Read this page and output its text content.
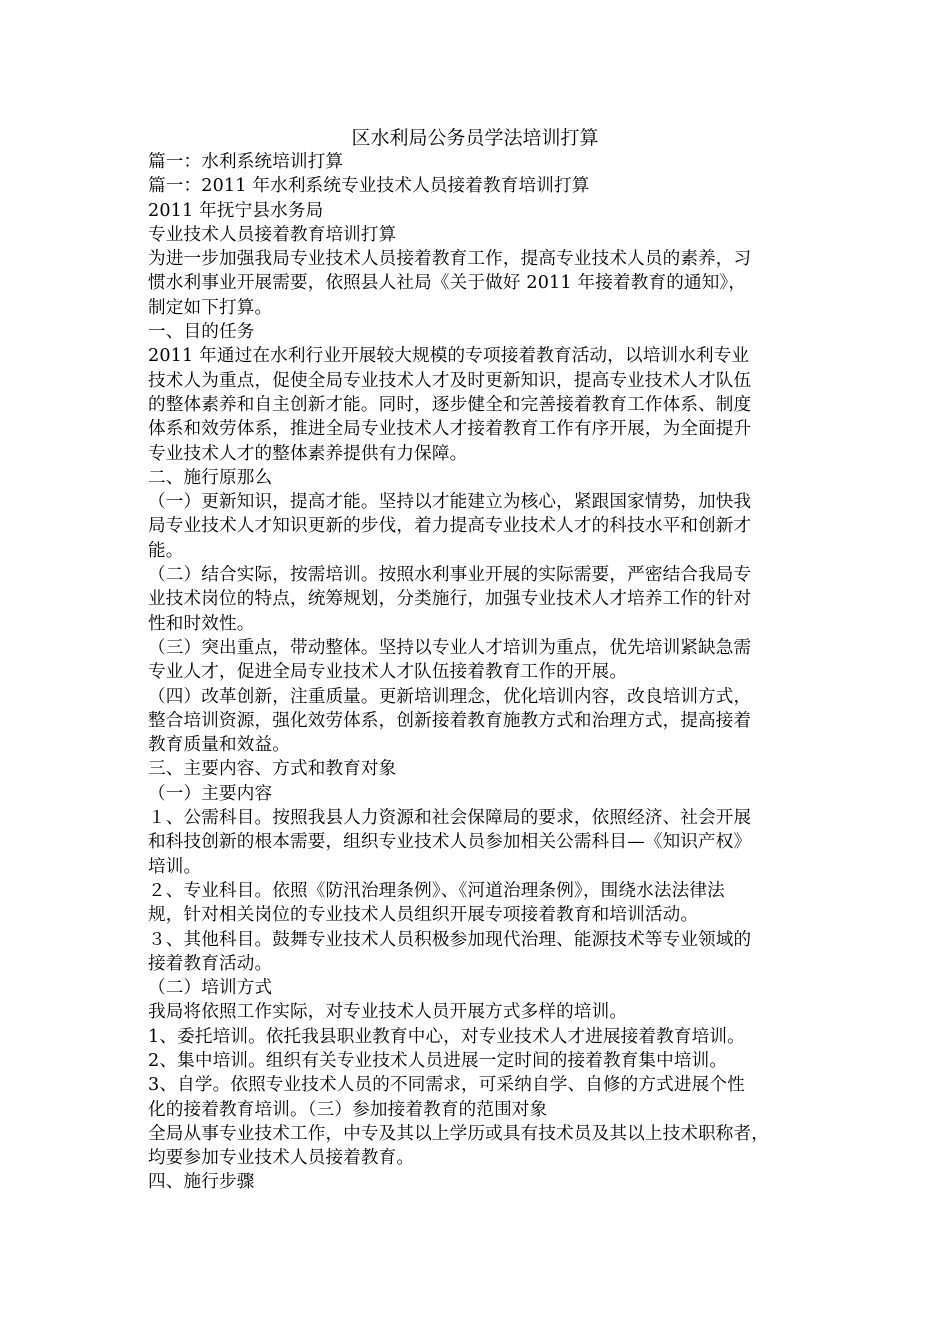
区水利局公务员学法培训打算
篇一：水利系统培训打算
篇一：2011 年水利系统专业技术人员接着教育培训打算
2011 年抚宁县水务局
专业技术人员接着教育培训打算
为进一步加强我局专业技术人员接着教育工作，提高专业技术人员的素养，习
惯水利事业开展需要，依照县人社局《关于做好 2011 年接着教育的通知》，
制定如下打算。
一、目的任务
2011 年通过在水利行业开展较大规模的专项接着教育活动，以培训水利专业
技术人为重点，促使全局专业技术人才及时更新知识，提高专业技术人才队伍
的整体素养和自主创新才能。同时，逐步健全和完善接着教育工作体系、制度
体系和效劳体系，推进全局专业技术人才接着教育工作有序开展，为全面提升
专业技术人才的整体素养提供有力保障。
二、施行原那么
（一）更新知识，提高才能。坚持以才能建立为核心，紧跟国家情势，加快我
局专业技术人才知识更新的步伐，着力提高专业技术人才的科技水平和创新才
能。
（二）结合实际，按需培训。按照水利事业开展的实际需要，严密结合我局专
业技术岗位的特点，统筹规划，分类施行，加强专业技术人才培养工作的针对
性和时效性。
（三）突出重点，带动整体。坚持以专业人才培训为重点，优先培训紧缺急需
专业人才，促进全局专业技术人才队伍接着教育工作的开展。
（四）改革创新，注重质量。更新培训理念，优化培训内容，改良培训方式，
整合培训资源，强化效劳体系，创新接着教育施教方式和治理方式，提高接着
教育质量和效益。
三、主要内容、方式和教育对象
（一）主要内容
１、公需科目。按照我县人力资源和社会保障局的要求，依照经济、社会开展
和科技创新的根本需要，组织专业技术人员参加相关公需科目—《知识产权》
培训。
２、专业科目。依照《防汛治理条例》、《河道治理条例》，围绕水法法律法
规，针对相关岗位的专业技术人员组织开展专项接着教育和培训活动。
３、其他科目。鼓舞专业技术人员积极参加现代治理、能源技术等专业领域的
接着教育活动。
（二）培训方式
我局将依照工作实际，对专业技术人员开展方式多样的培训。
1、委托培训。依托我县职业教育中心，对专业技术人才进展接着教育培训。
2、集中培训。组织有关专业技术人员进展一定时间的接着教育集中培训。
3、自学。依照专业技术人员的不同需求，可采纳自学、自修的方式进展个性
化的接着教育培训。（三）参加接着教育的范围对象
全局从事专业技术工作，中专及其以上学历或具有技术员及其以上技术职称者，
均要参加专业技术人员接着教育。
四、施行步骤
